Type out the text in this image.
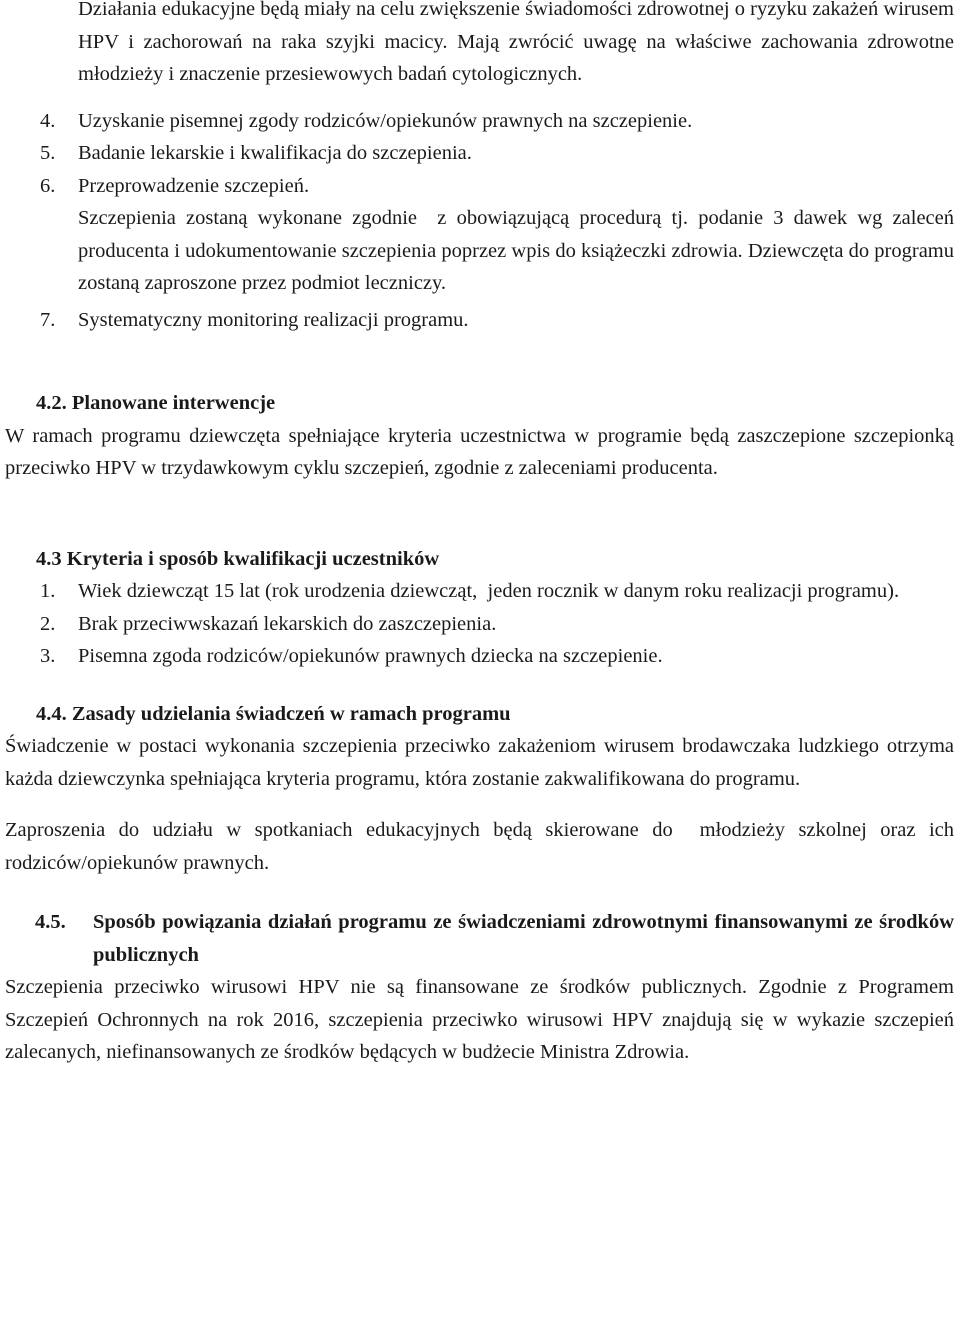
Działania edukacyjne będą miały na celu zwiększenie świadomości zdrowotnej o ryzyku zakażeń wirusem HPV i zachorowań na raka szyjki macicy. Mają zwrócić uwagę na właściwe zachowania zdrowotne młodzieży i znaczenie przesiewowych badań cytologicznych.

4. Uzyskanie pisemnej zgody rodziców/opiekunów prawnych na szczepienie.
5. Badanie lekarskie i kwalifikacja do szczepienia.
6. Przeprowadzenie szczepień.

Szczepienia zostaną wykonane zgodnie  z obowiązującą procedurą tj. podanie 3 dawek wg zaleceń producenta i udokumentowanie szczepienia poprzez wpis do książeczki zdrowia. Dziewczęta do programu zostaną zaproszone przez podmiot leczniczy.

7. Systematyczny monitoring realizacji programu.
4.2. Planowane interwencje

W ramach programu dziewczęta spełniające kryteria uczestnictwa w programie będą zaszczepione szczepionką przeciwko HPV w trzydawkowym cyklu szczepień, zgodnie z zaleceniami producenta.

4.3 Kryteria i sposób kwalifikacji uczestników
1. Wiek dziewcząt 15 lat (rok urodzenia dziewcząt,  jeden rocznik w danym roku realizacji programu).
2. Brak przeciwwskazań lekarskich do zaszczepienia.
3. Pisemna zgoda rodziców/opiekunów prawnych dziecka na szczepienie.
4.4. Zasady udzielania świadczeń w ramach programu

Świadczenie w postaci wykonania szczepienia przeciwko zakażeniom wirusem brodawczaka ludzkiego otrzyma każda dziewczynka spełniająca kryteria programu, która zostanie zakwalifikowana do programu.

Zaproszenia do udziału w spotkaniach edukacyjnych będą skierowane do  młodzieży szkolnej oraz ich rodziców/opiekunów prawnych.

4.5. Sposób powiązania działań programu ze świadczeniami zdrowotnymi finansowanymi ze środków publicznych

Szczepienia przeciwko wirusowi HPV nie są finansowane ze środków publicznych. Zgodnie z Programem Szczepień Ochronnych na rok 2016, szczepienia przeciwko wirusowi HPV znajdują się w wykazie szczepień zalecanych, niefinansowanych ze środków będących w budżecie Ministra Zdrowia.
